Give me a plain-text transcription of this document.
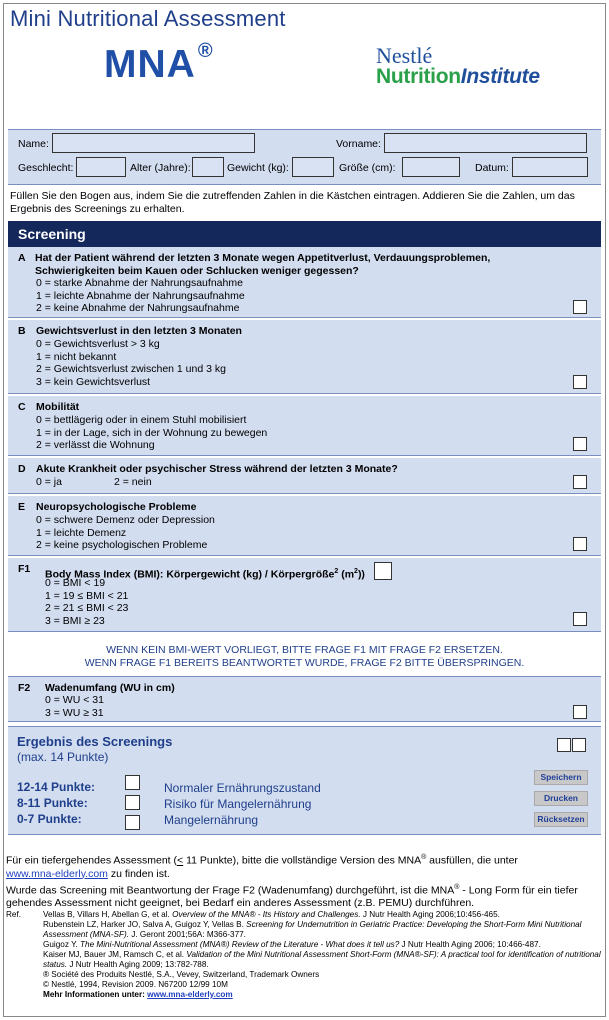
Mini Nutritional Assessment
MNA ®	Nestlé
NutritionInstitute
Name:	Vorname:
Geschlecht:	Alter (Jahre):	Gewicht (kg):	Größe (cm):	Datum:
Füllen Sie den Bogen aus, indem Sie die zutreffenden Zahlen in die Kästchen eintragen. Addieren Sie die Zahlen, um das Ergebnis des Screenings zu erhalten.
Screening
A Hat der Patient während der letzten 3 Monate wegen Appetitverlust, Verdauungsproblemen, Schwierigkeiten beim Kauen oder Schlucken weniger gegessen?
0 = starke Abnahme der Nahrungsaufnahme
1 = leichte Abnahme der Nahrungsaufnahme
2 = keine Abnahme der Nahrungsaufnahme
B Gewichtsverlust in den letzten 3 Monaten
0 = Gewichtsverlust > 3 kg
1 = nicht bekannt
2 = Gewichtsverlust zwischen 1 und 3 kg
3 = kein Gewichtsverlust
C Mobilität
0 = bettlägerig oder in einem Stuhl mobilisiert
1 = in der Lage, sich in der Wohnung zu bewegen
2 = verlässt die Wohnung
D Akute Krankheit oder psychischer Stress während der letzten 3 Monate?
0 = ja	2 = nein
E Neuropsychologische Probleme
0 = schwere Demenz oder Depression
1 = leichte Demenz
2 = keine psychologischen Probleme
F1 Body Mass Index (BMI): Körpergewicht (kg) / Körpergröße$^2$ $(m^2)$)
0 = BMI < 19
1 = 19 ≤ BMI < 21
2 = 21 ≤ BMI < 23
3 = BMI ≥ 23
WENN KEIN BMI-WERT VORLIEGT, BITTE FRAGE F1 MIT FRAGE F2 ERSETZEN.
WENN FRAGE F1 BEREITS BEANTWORTET WURDE, FRAGE F2 BITTE ÜBERSPRINGEN.
F2 Wadenumfang (WU in cm)
0 = WU < 31
3 = WU ≥ 31
Ergebnis des Screenings
(max. 14 Punkte)
12-14 Punkte:	Normaler Ernährungszustand
8-11 Punkte:	Risiko für Mangelernährung
0-7 Punkte:	Mangelernährung
Speichern
Drucken
Rücksetzen
Für ein tiefergehendes Assessment (< 11 Punkte), bitte die vollständige Version des MNA® ausfüllen, die unter
www.mna-elderly.com zu finden ist.
Wurde das Screening mit Beantwortung der Frage F2 (Wadenumfang) durchgeführt, ist die MNA® - Long Form für ein tiefer gehendes Assessment nicht geeignet, bei Bedarf ein anderes Assessment (z.B. PEMU) durchführen.
Ref.	Vellas B, Villars H, Abellan G, et al. Overview of the MNA® - Its History and Challenges. J Nutr Health Aging 2006;10:456-465.
Rubenstein LZ, Harker JO, Salva A, Guigoz Y, Vellas B. Screening for Undernutrition in Geriatric Practice: Developing the Short-Form Mini Nutritional Assessment (MNA-SF). J. Geront 2001;56A: M366-377.
Guigoz Y. The Mini-Nutritional Assessment (MNA®) Review of the Literature - What does it tell us? J Nutr Health Aging 2006; 10:466-487.
Kaiser MJ, Bauer JM, Ramsch C, et al. Validation of the Mini Nutritional Assessment Short-Form (MNA®-SF): A practical tool for identification of nutritional status. J Nutr Health Aging 2009; 13:782-788.
® Société des Produits Nestlé, S.A., Vevey, Switzerland, Trademark Owners
© Nestlé, 1994, Revision 2009. N67200 12/99 10M
Mehr Informationen unter: www.mna-elderly.com
